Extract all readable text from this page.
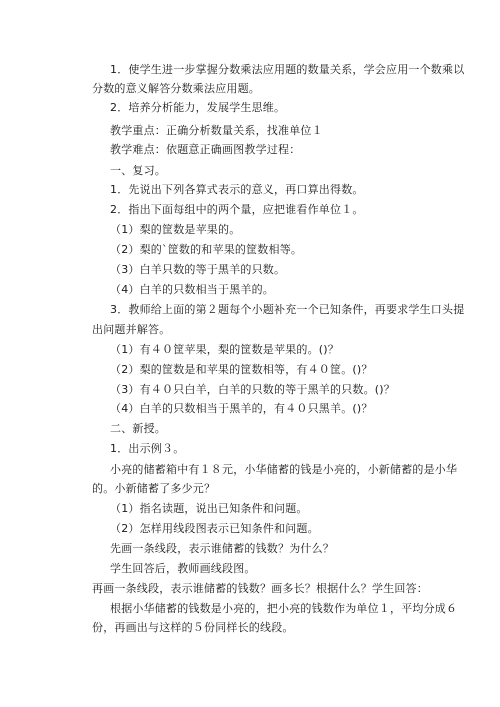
1．使学生进一步掌握分数乘法应用题的数量关系，学会应用一个数乘以
分数的意义解答分数乘法应用题。
2．培养分析能力，发展学生思维。
教学重点：正确分析数量关系，找准单位１
教学难点：依题意正确画图教学过程：
一、复习。
1．先说出下列各算式表示的意义，再口算出得数。
2．指出下面每组中的两个量，应把谁看作单位１。
（1）梨的筐数是苹果的。
（2）梨的`筐数的和苹果的筐数相等。
（3）白羊只数的等于黑羊的只数。
（4）白羊的只数相当于黑羊的。
3．教师给上面的第２题每个小题补充一个已知条件，再要求学生口头提
出问题并解答。
（1）有４０筐苹果，梨的筐数是苹果的。()？
（2）梨的筐数是和苹果的筐数相等，有４０筐。()？
（3）有４０只白羊，白羊的只数的等于黑羊的只数。()？
（4）白羊的只数相当于黑羊的，有４０只黑羊。()？
二、新授。
1．出示例３。
小亮的储蓄箱中有１８元，小华储蓄的钱是小亮的，小新储蓄的是小华
的。小新储蓄了多少元？
（1）指名读题，说出已知条件和问题。
（2）怎样用线段图表示已知条件和问题。
先画一条线段，表示谁储蓄的钱数？为什么？
学生回答后，教师画线段图。
再画一条线段，表示谁储蓄的钱数？画多长？根据什么？学生回答：
根据小华储蓄的钱数是小亮的，把小亮的钱数作为单位１，平均分成６
份，再画出与这样的５份同样长的线段。
